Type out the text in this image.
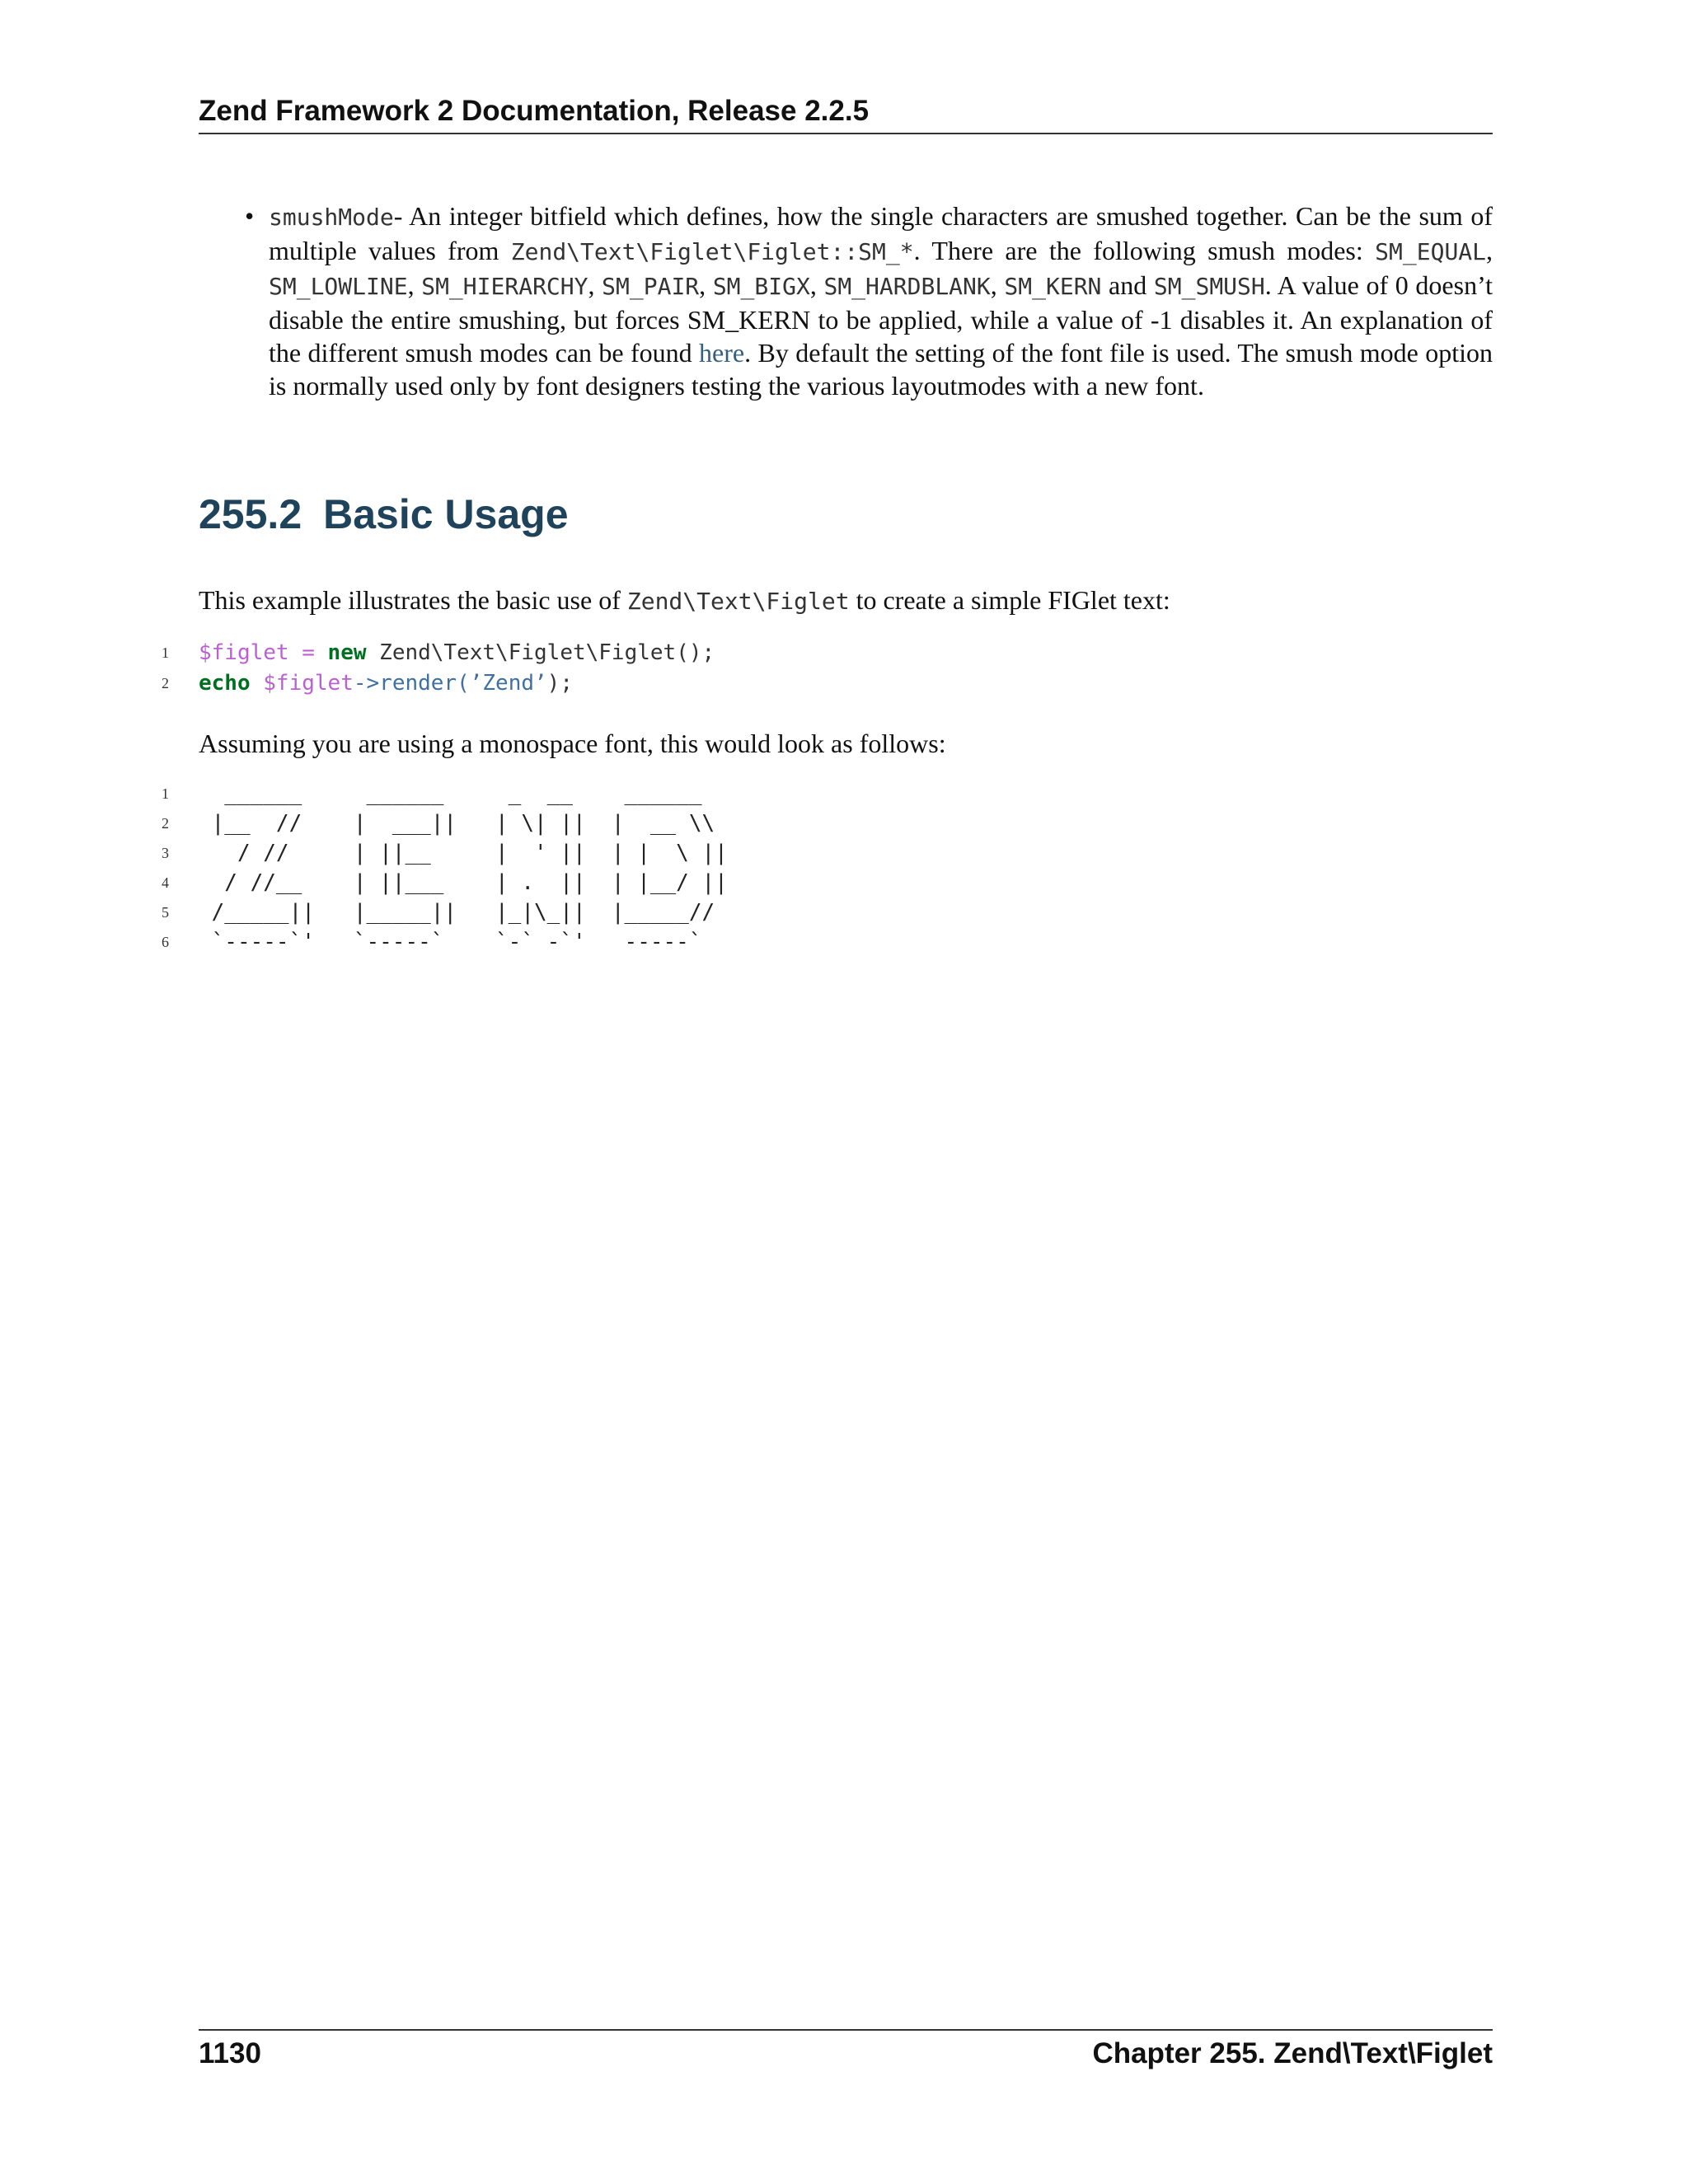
Zend Framework 2 Documentation, Release 2.2.5
• smushMode- An integer bitfield which defines, how the single characters are smushed together. Can be the sum of multiple values from Zend\Text\Figlet\Figlet::SM_*. There are the following smush modes: SM_EQUAL, SM_LOWLINE, SM_HIERARCHY, SM_PAIR, SM_BIGX, SM_HARDBLANK, SM_KERN and SM_SMUSH. A value of 0 doesn’t disable the entire smushing, but forces SM_KERN to be applied, while a value of -1 disables it. An explanation of the different smush modes can be found here. By default the setting of the font file is used. The smush mode option is normally used only by font designers testing the various layoutmodes with a new font.
255.2 Basic Usage
This example illustrates the basic use of Zend\Text\Figlet to create a simple FIGlet text:
1 $figlet = new Zend\Text\Figlet\Figlet();
2 echo $figlet->render(’Zend’);
Assuming you are using a monospace font, this would look as follows:
1 ______     ______     _  __    ______
2 |__  //    |  ___||   | \| ||  |  __ \\
3 / //     | ||__     |  ' ||  | |  \ ||
4 / //__    | ||___    | .  ||  | |__/ ||
5 /_____||   |_____||   |_|\_||  |_____//
6 `-----`'   `-----`    `-` -`'   -----`
1130	Chapter 255. Zend\Text\Figlet
